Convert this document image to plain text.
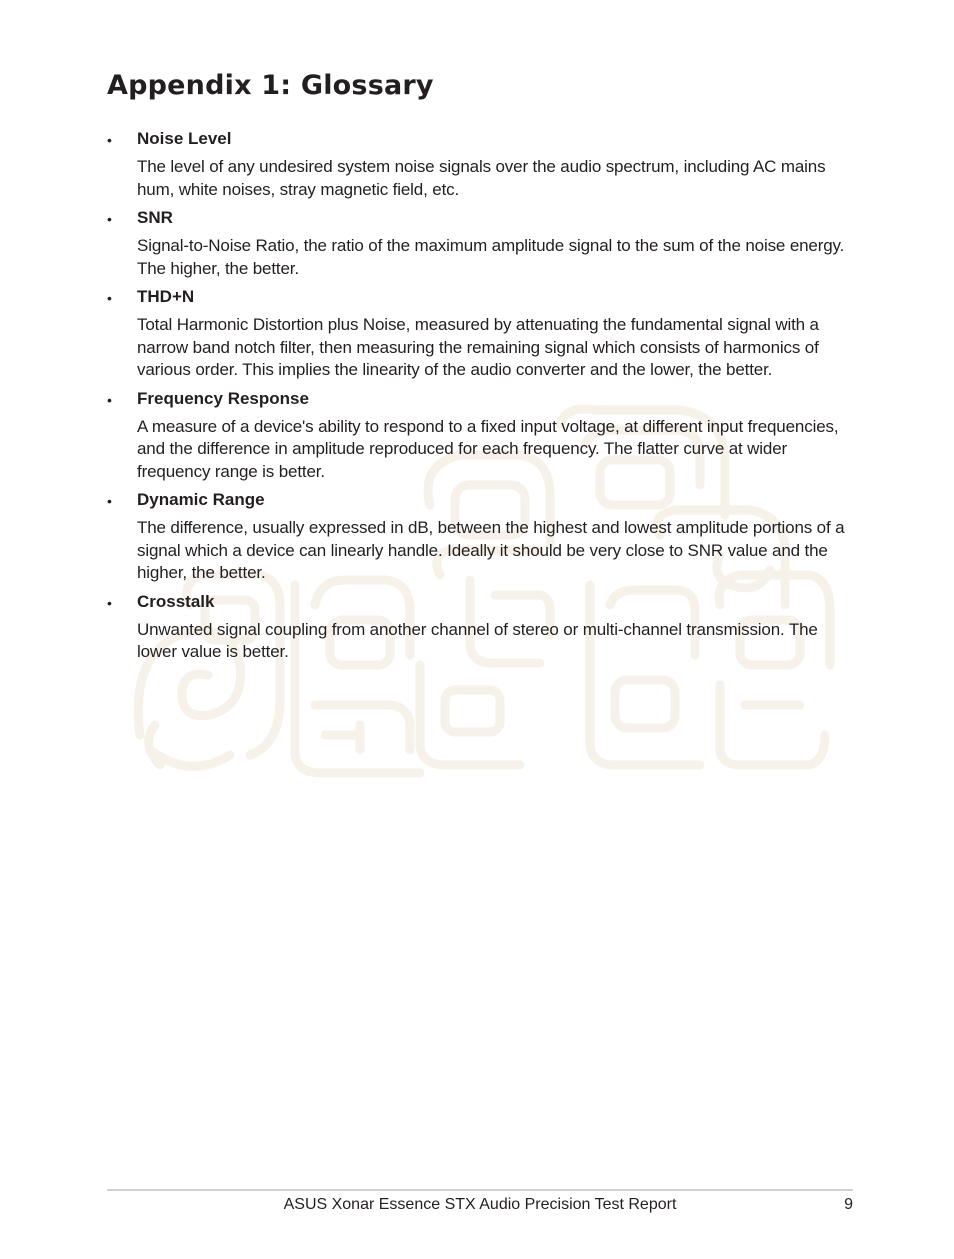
Appendix 1: Glossary
• Noise Level

The level of any undesired system noise signals over the audio spectrum, including AC mains hum, white noises, stray magnetic field, etc.

• SNR

Signal-to-Noise Ratio, the ratio of the maximum amplitude signal to the sum of the noise energy. The higher, the better.

• THD+N

Total Harmonic Distortion plus Noise, measured by attenuating the fundamental signal with a narrow band notch filter, then measuring the remaining signal which consists of harmonics of various order. This implies the linearity of the audio converter and the lower, the better.

• Frequency Response

A measure of a device's ability to respond to a fixed input voltage, at different input frequencies, and the difference in amplitude reproduced for each frequency. The flatter curve at wider frequency range is better.

• Dynamic Range

The difference, usually expressed in dB, between the highest and lowest amplitude portions of a signal which a device can linearly handle. Ideally it should be very close to SNR value and the higher, the better.

• Crosstalk

Unwanted signal coupling from another channel of stereo or multi-channel transmission. The lower value is better.

ASUS Xonar Essence STX Audio Precision Test Report	9
